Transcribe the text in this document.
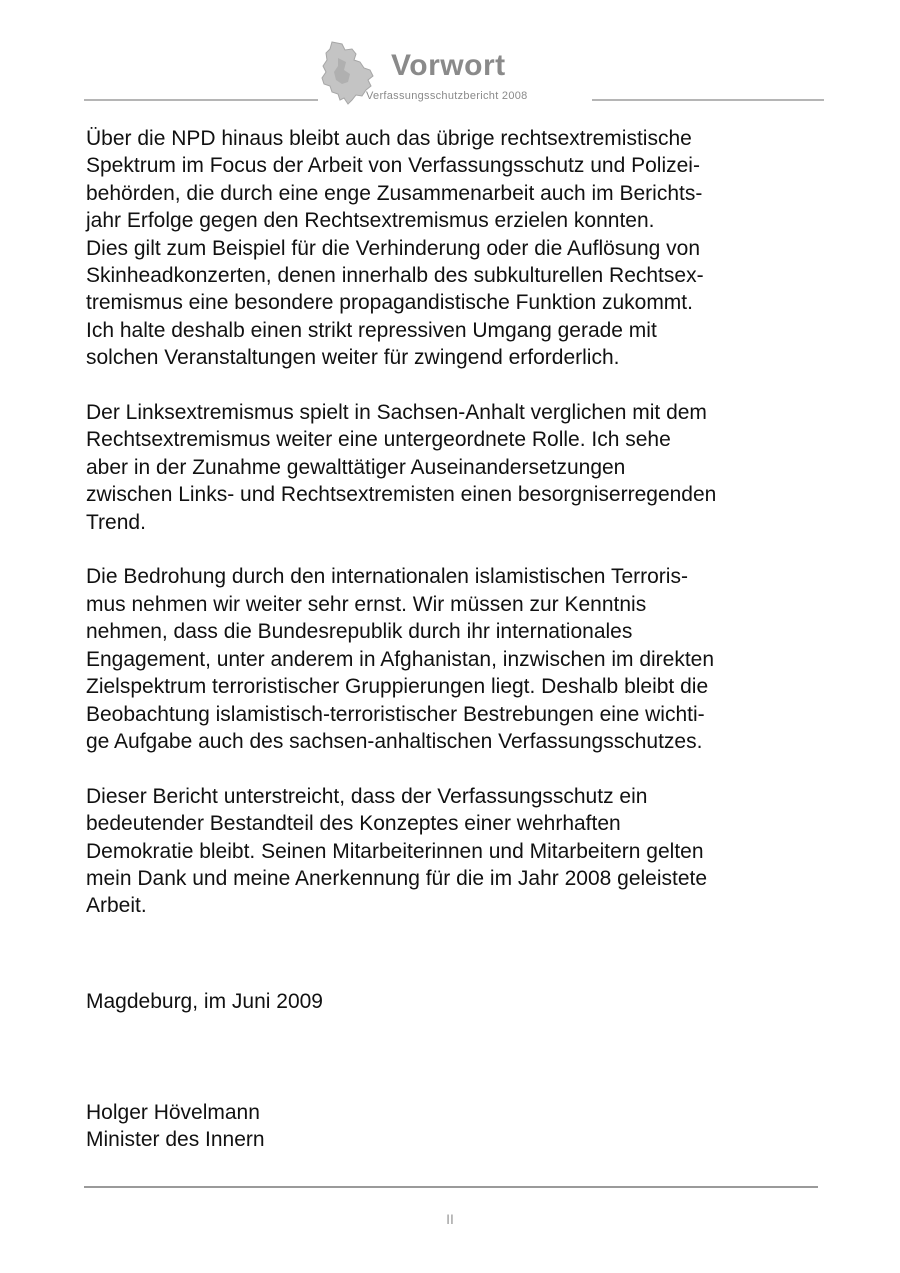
Vorwort
Verfassungsschutzbericht 2008

Über die NPD hinaus bleibt auch das übrige rechtsextremistische
Spektrum im Focus der Arbeit von Verfassungsschutz und Polizei-
behörden, die durch eine enge Zusammenarbeit auch im Berichts-
jahr Erfolge gegen den Rechtsextremismus erzielen konnten.
Dies gilt zum Beispiel für die Verhinderung oder die Auflösung von
Skinheadkonzerten, denen innerhalb des subkulturellen Rechtsex-
tremismus eine besondere propagandistische Funktion zukommt.
Ich halte deshalb einen strikt repressiven Umgang gerade mit
solchen Veranstaltungen weiter für zwingend erforderlich.

Der Linksextremismus spielt in Sachsen-Anhalt verglichen mit dem
Rechtsextremismus weiter eine untergeordnete Rolle. Ich sehe
aber in der Zunahme gewalttätiger Auseinandersetzungen
zwischen Links- und Rechtsextremisten einen besorgniserregenden
Trend.

Die Bedrohung durch den internationalen islamistischen Terroris-
mus nehmen wir weiter sehr ernst. Wir müssen zur Kenntnis
nehmen, dass die Bundesrepublik durch ihr internationales
Engagement, unter anderem in Afghanistan, inzwischen im direkten
Zielspektrum terroristischer Gruppierungen liegt. Deshalb bleibt die
Beobachtung islamistisch-terroristischer Bestrebungen eine wichti-
ge Aufgabe auch des sachsen-anhaltischen Verfassungsschutzes.

Dieser Bericht unterstreicht, dass der Verfassungsschutz ein
bedeutender Bestandteil des Konzeptes einer wehrhaften
Demokratie bleibt. Seinen Mitarbeiterinnen und Mitarbeitern gelten
mein Dank und meine Anerkennung für die im Jahr 2008 geleistete
Arbeit.

Magdeburg, im Juni 2009
Holger Hövelmann
Minister des Innern
II
